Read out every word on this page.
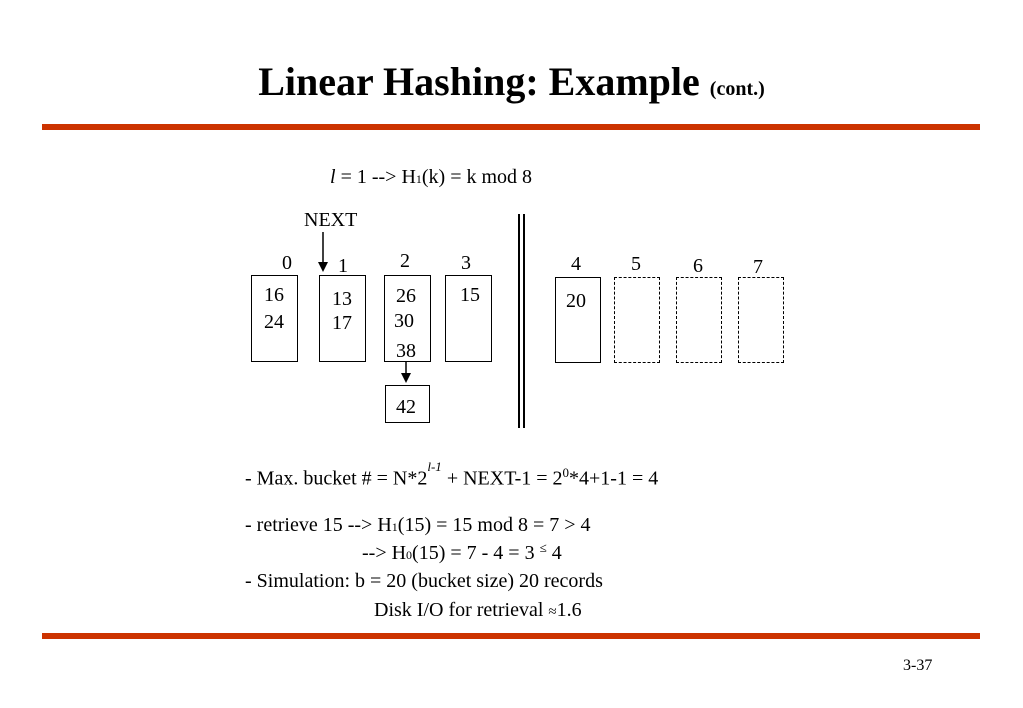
Linear Hashing: Example (cont.)
l = 1 --> H1(k) = k mod 8
NEXT
0 1	2	3	4	5	6	7
16
24
13
17
26
30
38
15
42
20
- Max. bucket # = $N*2^{l-1}$ + NEXT-1 = $2^0*4+1-1 = 4$
- retrieve 15 --> H1(15) = 15 mod 8 = 7 > 4
--> H0(15) = 7 - 4 = 3 ≤ 4
- Simulation: b = 20 (bucket size) 20 records
Disk I/O for retrieval ≈1.6
3-37
